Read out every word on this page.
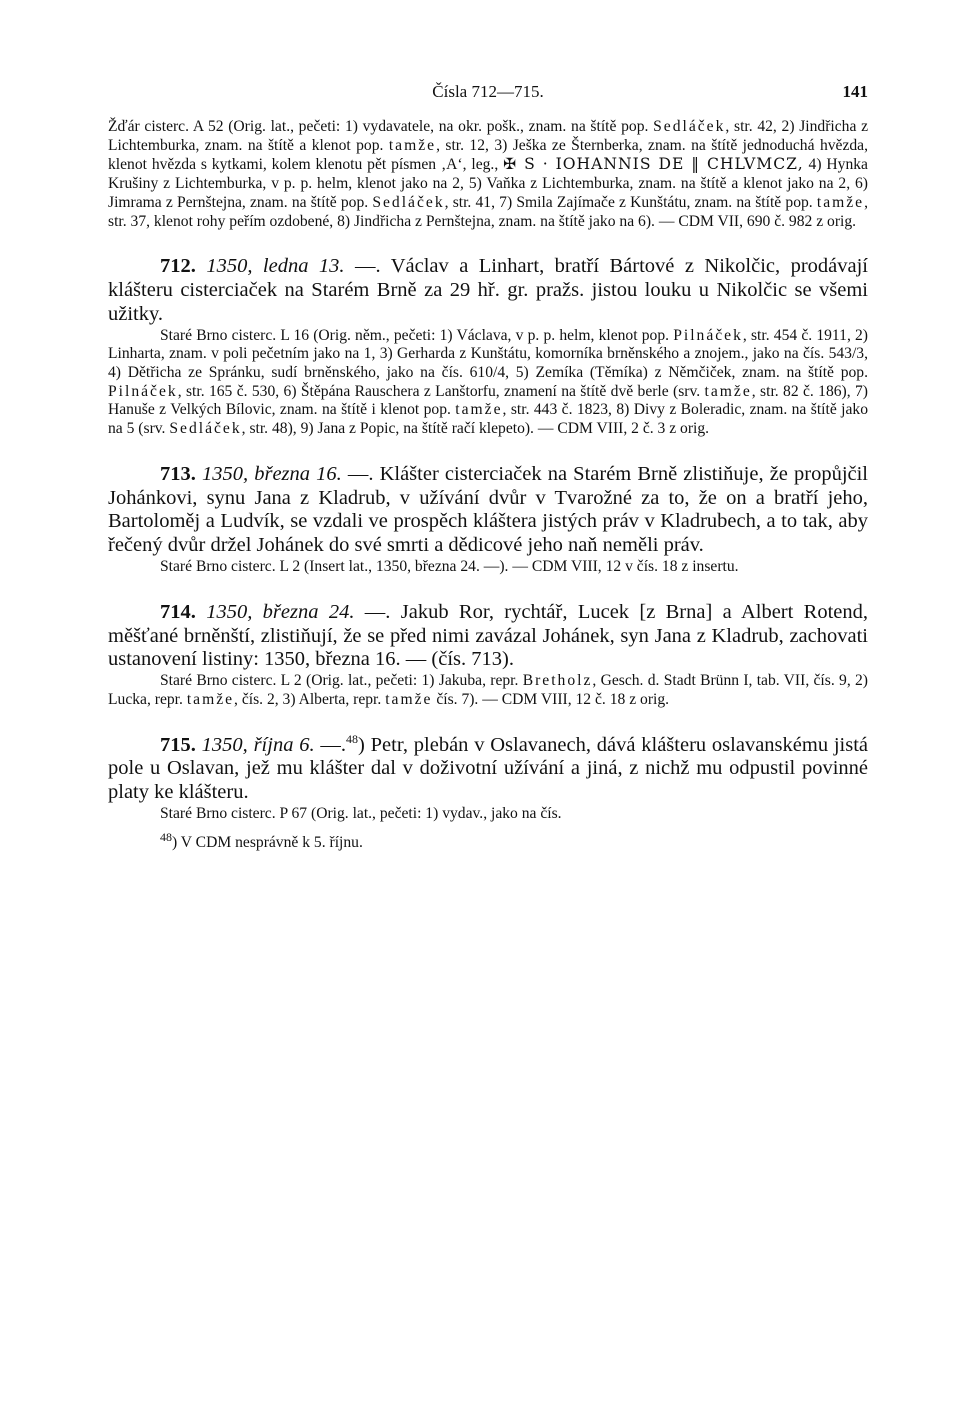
Čísla 712—715.	141

Žďár cisterc. A 52 (Orig. lat., pečeti: 1) vydavatele, na okr. pošk., znam. na štítě pop. Sedláček, str. 42, 2) Jindřicha z Lichtemburka, znam. na štítě a klenot pop. tamže, str. 12, 3) Ješka ze Šternberka, znam. na štítě jednoduchá hvězda, klenot hvězda s kytkami, kolem klenotu pět písmen ‚A‘, leg., ✠ S · IOHANNIS DE ‖ CHLVMCZ, 4) Hynka Krušiny z Lichtemburka, v p. p. helm, klenot jako na 2, 5) Vaňka z Lichtemburka, znam. na štítě a klenot jako na 2, 6) Jimrama z Pernštejna, znam. na štítě pop. Sedláček, str. 41, 7) Smila Zajímače z Kunštátu, znam. na štítě pop. tamže, str. 37, klenot rohy peřím ozdobené, 8) Jindřicha z Pernštejna, znam. na štítě jako na 6). — CDM VII, 690 č. 982 z orig.

712. 1350, ledna 13. —. Václav a Linhart, bratří Bártové z Nikolčic, prodávají klášteru cisterciaček na Starém Brně za 29 hř. gr. pražs. jistou louku u Nikolčic se všemi užitky.

Staré Brno cisterc. L 16 (Orig. něm., pečeti: 1) Václava, v p. p. helm, klenot pop. Pilnáček, str. 454 č. 1911, 2) Linharta, znam. v poli pečetním jako na 1, 3) Gerharda z Kunštátu, komorníka brněnského a znojem., jako na čís. 543/3, 4) Dětřicha ze Spránku, sudí brněnského, jako na čís. 610/4, 5) Zemíka (Těmíka) z Němčiček, znam. na štítě pop. Pilnáček, str. 165 č. 530, 6) Štěpána Rauschera z Lanštorfu, znamení na štítě dvě berle (srv. tamže, str. 82 č. 186), 7) Hanuše z Velkých Bílovic, znam. na štítě i klenot pop. tamže, str. 443 č. 1823, 8) Divy z Boleradic, znam. na štítě jako na 5 (srv. Sedláček, str. 48), 9) Jana z Popic, na štítě račí klepeto). — CDM VIII, 2 č. 3 z orig.

713. 1350, března 16. —. Klášter cisterciaček na Starém Brně zlistiňuje, že propůjčil Johánkovi, synu Jana z Kladrub, v užívání dvůr v Tvarožné za to, že on a bratří jeho, Bartoloměj a Ludvík, se vzdali ve prospěch kláštera jistých práv v Kladrubech, a to tak, aby řečený dvůr držel Johánek do své smrti a dědicové jeho naň neměli práv.

Staré Brno cisterc. L 2 (Insert lat., 1350, března 24. —). — CDM VIII, 12 v čís. 18 z insertu.

714. 1350, března 24. —. Jakub Ror, rychtář, Lucek [z Brna] a Albert Rotend, měšťané brněnští, zlistiňují, že se před nimi zavázal Johánek, syn Jana z Kladrub, zachovati ustanovení listiny: 1350, března 16. — (čís. 713).

Staré Brno cisterc. L 2 (Orig. lat., pečeti: 1) Jakuba, repr. Bretholz, Gesch. d. Stadt Brünn I, tab. VII, čís. 9, 2) Lucka, repr. tamže, čís. 2, 3) Alberta, repr. tamže čís. 7). — CDM VIII, 12 č. 18 z orig.

715. 1350, října 6. —.$^{48}$) Petr, plebán v Oslavanech, dává klášteru oslavanskému jistá pole u Oslavan, jež mu klášter dal v doživotní užívání a jiná, z nichž mu odpustil povinné platy ke klášteru.

Staré Brno cisterc. P 67 (Orig. lat., pečeti: 1) vydav., jako na čís.

$^{48}$) V CDM nesprávně k 5. říjnu.
